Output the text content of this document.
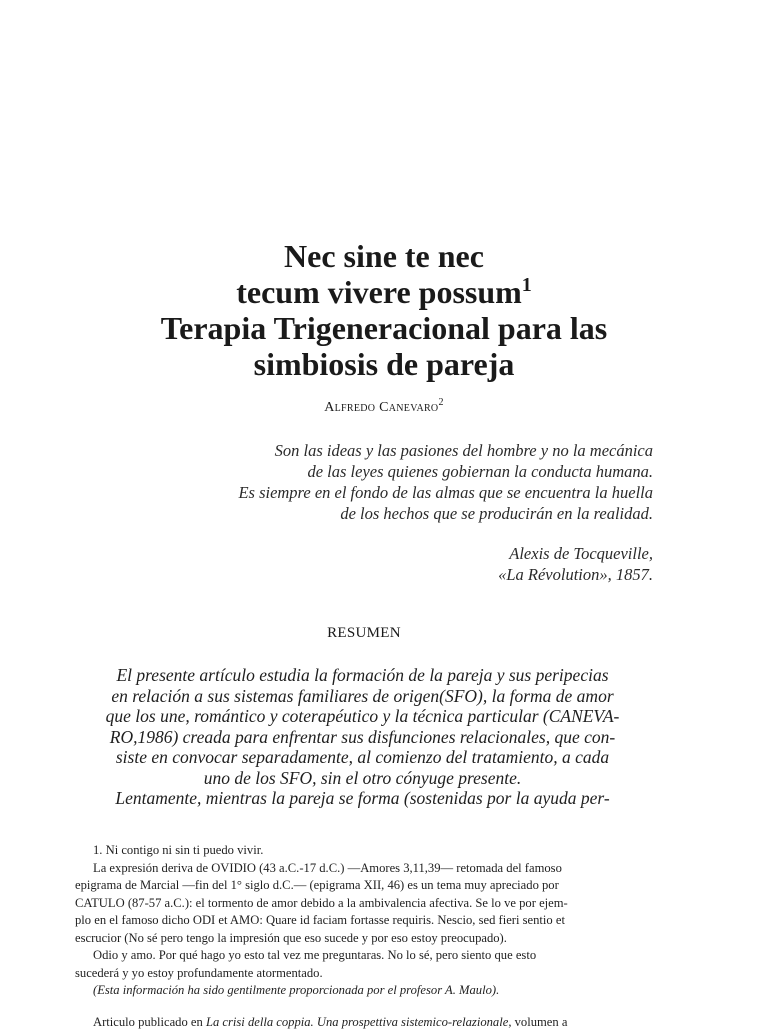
Nec sine te nec
tecum vivere possum$^1$
Terapia Trigeneracional para las
simbiosis de pareja
Alfredo Canevaro$^2$
Son las ideas y las pasiones del hombre y no la mecánica
de las leyes quienes gobiernan la conducta humana.
Es siempre en el fondo de las almas que se encuentra la huella
de los hechos que se producirán en la realidad.
Alexis de Tocqueville,
«La Révolution», 1857.
RESUMEN
El presente artículo estudia la formación de la pareja y sus peripecias
en relación a sus sistemas familiares de origen(SFO), la forma de amor
que los une, romántico y coterapéutico y la técnica particular (CANEVA-
RO,1986) creada para enfrentar sus disfunciones relacionales, que con-
siste en convocar separadamente, al comienzo del tratamiento, a cada
uno de los SFO, sin el otro cónyuge presente.
Lentamente, mientras la pareja se forma (sostenidas por la ayuda per-
1. Ni contigo ni sin ti puedo vivir.
La expresión deriva de OVIDIO (43 a.C.-17 d.C.) —Amores 3,11,39— retomada del famoso
epigrama de Marcial —fin del 1° siglo d.C.— (epigrama XII, 46) es un tema muy apreciado por
CATULO (87-57 a.C.): el tormento de amor debido a la ambivalencia afectiva. Se lo ve por ejem-
plo en el famoso dicho ODI et AMO: Quare id faciam fortasse requiris. Nescio, sed fieri sentio et
escrucior (No sé pero tengo la impresión que eso sucede y por eso estoy preocupado).
Odio y amo. Por qué hago yo esto tal vez me preguntaras. No lo sé, pero siento que esto
sucederá y yo estoy profundamente atormentado.
(Esta información ha sido gentilmente proporcionada por el profesor A. Maulo).
Articulo publicado en La crisi della coppia. Una prospettiva sistemico-relazionale, volumen a
